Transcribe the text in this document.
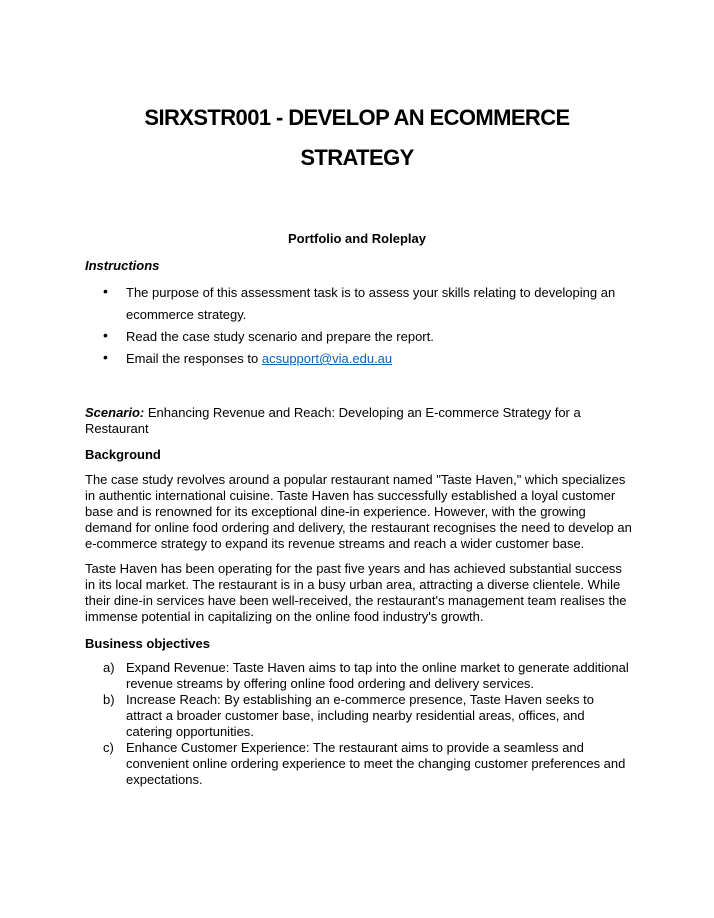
SIRXSTR001 - DEVELOP AN ECOMMERCE
STRATEGY
Portfolio and Roleplay
Instructions
• The purpose of this assessment task is to assess your skills relating to developing an
ecommerce strategy.
• Read the case study scenario and prepare the report.
• Email the responses to acsupport@via.edu.au
Scenario: Enhancing Revenue and Reach: Developing an E-commerce Strategy for a Restaurant
Background
The case study revolves around a popular restaurant named "Taste Haven," which specializes in authentic international cuisine. Taste Haven has successfully established a loyal customer base and is renowned for its exceptional dine-in experience. However, with the growing demand for online food ordering and delivery, the restaurant recognises the need to develop an e-commerce strategy to expand its revenue streams and reach a wider customer base.
Taste Haven has been operating for the past five years and has achieved substantial success in its local market. The restaurant is in a busy urban area, attracting a diverse clientele. While their dine-in services have been well-received, the restaurant's management team realises the immense potential in capitalizing on the online food industry's growth.
Business objectives
a) Expand Revenue: Taste Haven aims to tap into the online market to generate additional revenue streams by offering online food ordering and delivery services.
b) Increase Reach: By establishing an e-commerce presence, Taste Haven seeks to attract a broader customer base, including nearby residential areas, offices, and catering opportunities.
c) Enhance Customer Experience: The restaurant aims to provide a seamless and convenient online ordering experience to meet the changing customer preferences and expectations.
